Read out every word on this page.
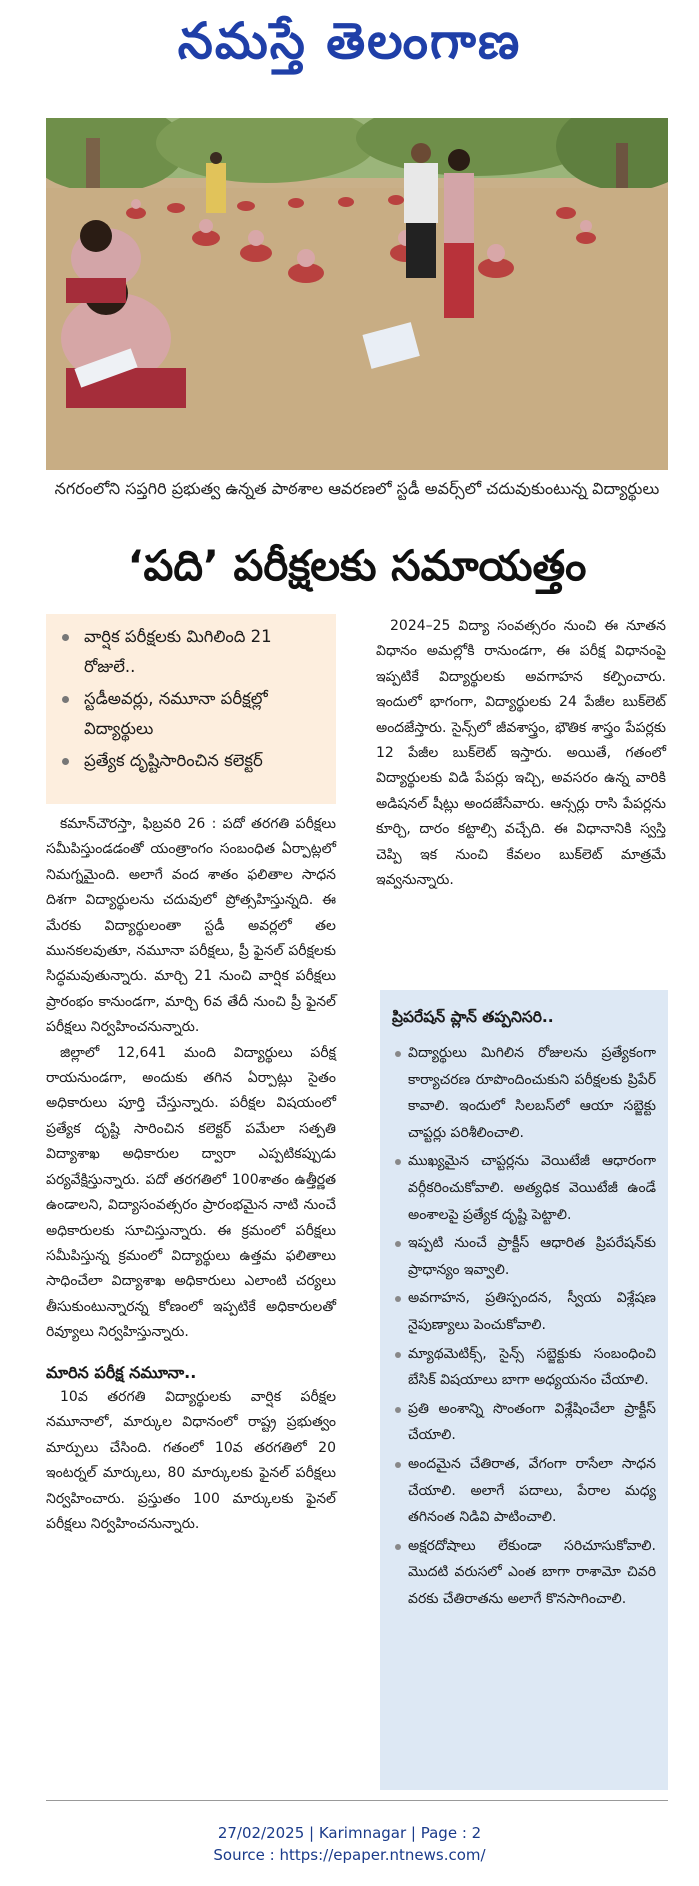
నమస్తే తెలంగాణ
నగరంలోని సప్తగిరి ప్రభుత్వ ఉన్నత పాఠశాల ఆవరణలో స్టడీ అవర్స్‌లో చదువుకుంటున్న విద్యార్థులు
‘పది’ పరీక్షలకు సమాయత్తం
వార్షిక పరీక్షలకు మిగిలింది 21 రోజులే..
స్టడీఅవర్లు, నమూనా పరీక్షల్లో విద్యార్థులు
ప్రత్యేక దృష్టిసారించిన కలెక్టర్

కమాన్‌చౌరస్తా, ఫిబ్రవరి 26 : పదో తరగతి పరీక్షలు సమీపిస్తుండడంతో యంత్రాంగం సంబంధిత ఏర్పాట్లలో నిమగ్నమైంది. అలాగే వంద శాతం ఫలితాల సాధన దిశగా విద్యార్థులను చదువులో ప్రోత్సహిస్తున్నది. ఈ మేరకు విద్యార్థులంతా స్టడీ అవర్లలో తల మునకలవుతూ, నమూనా పరీక్షలు, ప్రీ ఫైనల్ పరీక్షలకు సిద్ధమవుతున్నారు. మార్చి 21 నుంచి వార్షిక పరీక్షలు ప్రారంభం కానుండగా, మార్చి 6వ తేదీ నుంచి ప్రీ ఫైనల్ పరీక్షలు నిర్వహించనున్నారు.

జిల్లాలో 12,641 మంది విద్యార్థులు పరీక్ష రాయనుండగా, అందుకు తగిన ఏర్పాట్లు సైతం అధికారులు పూర్తి చేస్తున్నారు. పరీక్షల విషయంలో ప్రత్యేక దృష్టి సారించిన కలెక్టర్ పమేలా సత్పతి విద్యాశాఖ అధికారుల ద్వారా ఎప్పటికప్పుడు పర్యవేక్షిస్తున్నారు. పదో తరగతిలో 100శాతం ఉత్తీర్ణత ఉండాలని, విద్యాసంవత్సరం ప్రారంభమైన నాటి నుంచే అధికారులకు సూచిస్తున్నారు. ఈ క్రమంలో పరీక్షలు సమీపిస్తున్న క్రమంలో విద్యార్థులు ఉత్తమ ఫలితాలు సాధించేలా విద్యాశాఖ అధికారులు ఎలాంటి చర్యలు తీసుకుంటున్నారన్న కోణంలో ఇప్పటికే అధికారులతో రివ్యూలు నిర్వహిస్తున్నారు.

మారిన పరీక్ష నమూనా..

10వ తరగతి విద్యార్థులకు వార్షిక పరీక్షల నమూనాలో, మార్కుల విధానంలో రాష్ట్ర ప్రభుత్వం మార్పులు చేసింది. గతంలో 10వ తరగతిలో 20 ఇంటర్నల్ మార్కులు, 80 మార్కులకు ఫైనల్ పరీక్షలు నిర్వహించారు. ప్రస్తుతం 100 మార్కులకు ఫైనల్ పరీక్షలు నిర్వహించనున్నారు.

2024–25 విద్యా సంవత్సరం నుంచి ఈ నూతన విధానం అమల్లోకి రానుండగా, ఈ పరీక్ష విధానంపై ఇప్పటికే విద్యార్థులకు అవగాహన కల్పించారు. ఇందులో భాగంగా, విద్యార్థులకు 24 పేజీల బుక్‌లెట్ అందజేస్తారు. సైన్స్‌లో జీవశాస్త్రం, భౌతిక శాస్త్రం పేపర్లకు 12 పేజీల బుక్‌లెట్ ఇస్తారు. అయితే, గతంలో విద్యార్థులకు విడి పేపర్లు ఇచ్చి, అవసరం ఉన్న వారికి అడిషనల్ షీట్లు అందజేసేవారు. ఆన్సర్లు రాసి పేపర్లను కూర్చి, దారం కట్టాల్సి వచ్చేది. ఈ విధానానికి స్వస్తి చెప్పి ఇక నుంచి కేవలం బుక్‌లెట్ మాత్రమే ఇవ్వనున్నారు.

ప్రిపరేషన్ ప్లాన్ తప్పనిసరి..
విద్యార్థులు మిగిలిన రోజులను ప్రత్యేకంగా కార్యాచరణ రూపొందించుకుని పరీక్షలకు ప్రిపేర్ కావాలి. ఇందులో సిలబస్‌లో ఆయా సబ్జెక్టు చాప్టర్లు పరిశీలించాలి.
ముఖ్యమైన చాప్టర్లను వెయిటేజీ ఆధారంగా వర్గీకరించుకోవాలి. అత్యధిక వెయిటేజీ ఉండే అంశాలపై ప్రత్యేక దృష్టి పెట్టాలి.
ఇప్పటి నుంచే ప్రాక్టీస్ ఆధారిత ప్రిపరేషన్‌కు ప్రాధాన్యం ఇవ్వాలి.
అవగాహన, ప్రతిస్పందన, స్వీయ విశ్లేషణ నైపుణ్యాలు పెంచుకోవాలి.
మ్యాథమెటిక్స్, సైన్స్ సబ్జెక్టుకు సంబంధించి బేసిక్ విషయాలు బాగా అధ్యయనం చేయాలి.
ప్రతి అంశాన్ని సొంతంగా విశ్లేషించేలా ప్రాక్టీస్ చేయాలి.
అందమైన చేతిరాత, వేగంగా రాసేలా సాధన చేయాలి. అలాగే పదాలు, పేరాల మధ్య తగినంత నిడివి పాటించాలి.
అక్షరదోషాలు లేకుండా సరిచూసుకోవాలి. మొదటి వరుసలో ఎంత బాగా రాశామో చివరి వరకు చేతిరాతను అలాగే కొనసాగించాలి.
27/02/2025 | Karimnagar | Page : 2
Source : https://epaper.ntnews.com/
